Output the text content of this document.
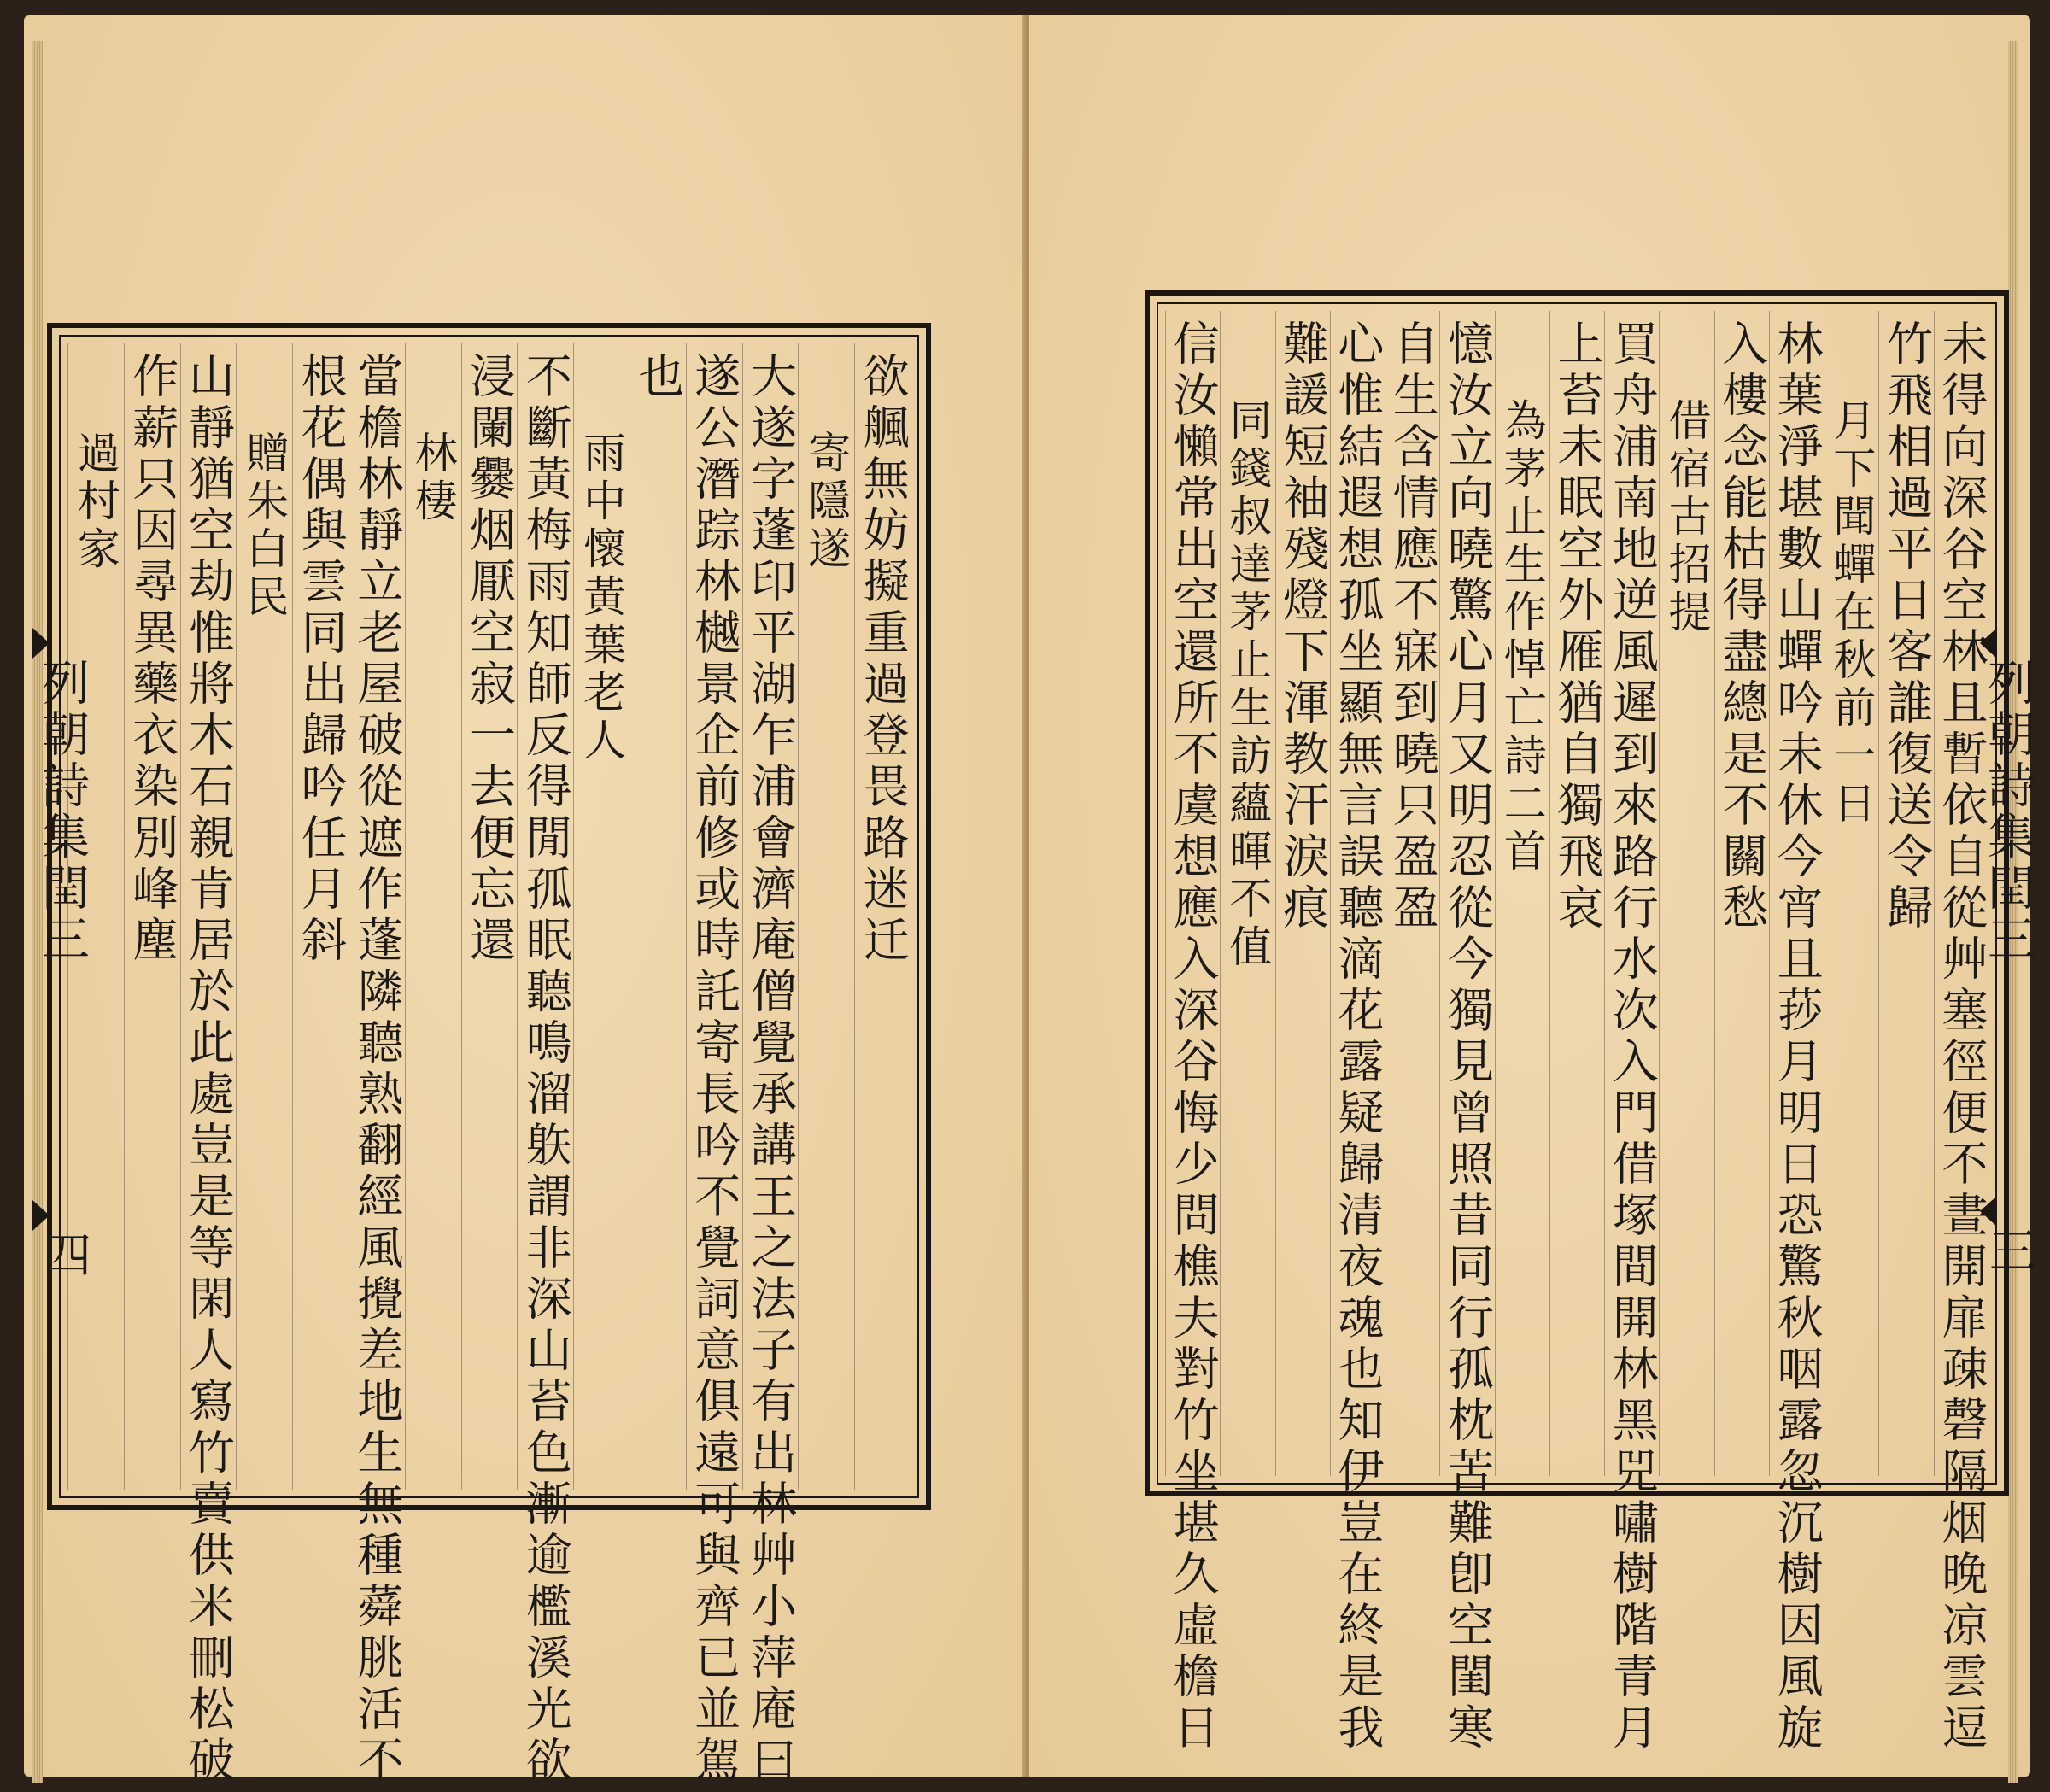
欲䑺無妨擬重過登畏路迷迁
寄隱遂
大遂字蓬印平湖乍浦會濟庵僧覺承講王之法子有出林艸小萍庵曰
遂公潛踪林樾景企前修或時託寄長吟不覺詞意俱遠可與齊已並駕
也
雨中懷黃葉老人
不斷黃梅雨知師反得閒孤眠聽鳴溜䠶謂非深山苔色漸逾檻溪光欲
浸闌爨烟厭空寂一去便忘還
林棲
當檐林靜立老屋破從遮作蓬隣聽熟翻經風攪差地生無種蕣朓活不
根花偶與雲同出歸吟任月斜
贈朱白民
山靜猶空劫惟將木石親肯居於此處豈是等閑人寫竹賣供米刪松破
作薪只因尋異藥衣染別峰塵
過村家
列朝詩集閏三
四	未得向深谷空林且暫依自從艸塞徑便不晝開扉疎磬隔烟晚凉雲逗
竹飛相過平日客誰復送令歸
月下聞蟬在秋前一日
林葉淨堪數山蟬吟未休今宵且莏月明日恐驚秋咽露忽沉樹因風旋
入樓念能枯得盡總是不關愁
借宿古招提
買舟浦南地逆風遲到來路行水次入門借塚間開林黑兕嘯樹階青月
上苔未眠空外雁猶自獨飛哀
為茅止生作悼亡詩二首
憶汝立向曉驚心月又明忍從今獨見曾照昔同行孤枕苦難卽空閨寒
自生含情應不寐到曉只盈盈
心惟結遐想孤坐顯無言誤聽滴花露疑歸清夜魂也知伊豈在終是我
難諼短袖殘燈下渾教汗淚痕
同錢叔達茅止生訪蘊暉不值
信汝懶常出空還所不虞想應入深谷悔少問樵夫對竹坐堪久虛檐日	列朝詩集閏三
三
